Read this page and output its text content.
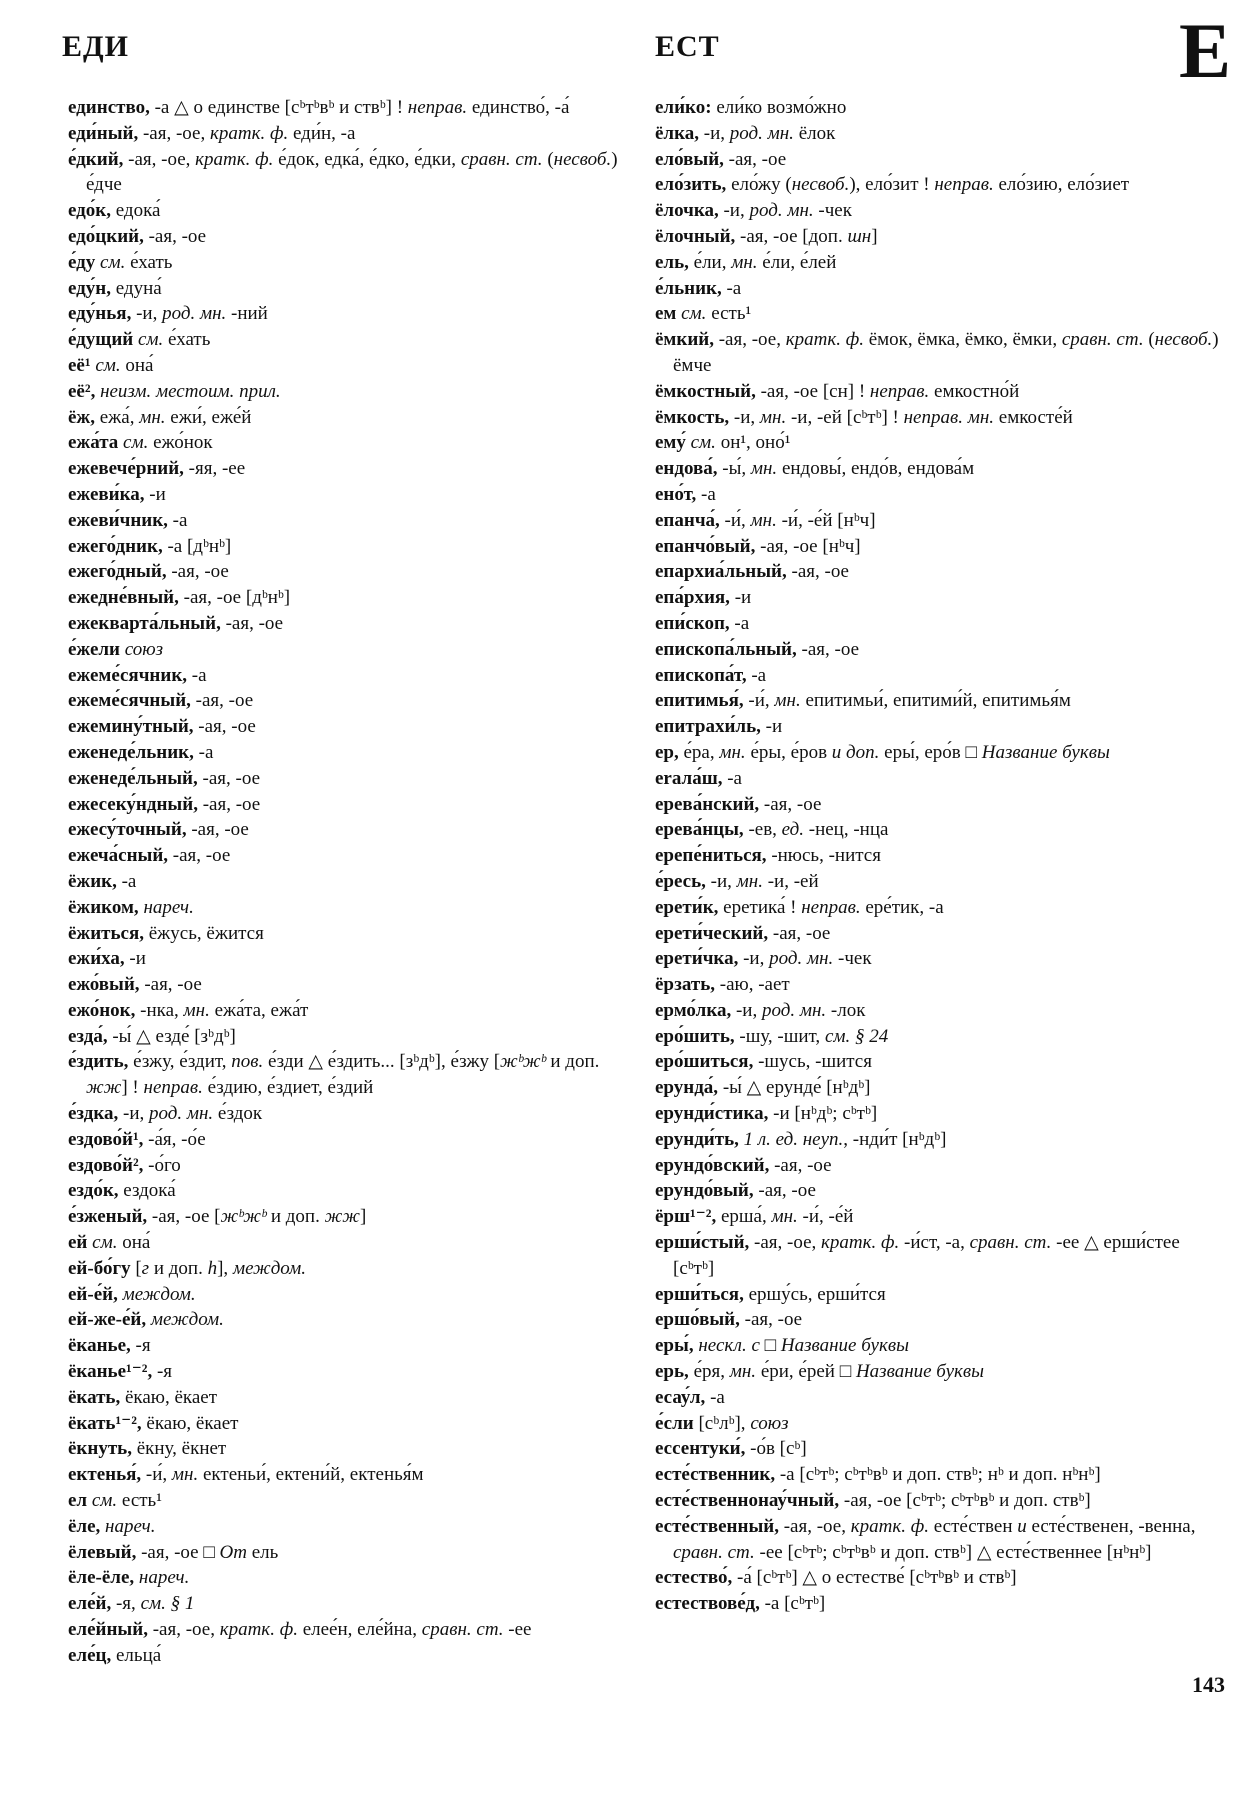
ЕДИ	ЕСТ	Е
единство, -а △ о единстве [сᵇтᵇвᵇ и ствᵇ] ! неправ. единство́, -а́
еди́ный, -ая, -ое, кратк. ф. еди́н, -а
е́дкий, -ая, -ое, кратк. ф. е́док, едка́, е́дко, е́дки, сравн. ст. (несвоб.) е́дче
едо́к, едока́
едо́цкий, -ая, -ое
е́ду см. е́хать
еду́н, едуна́
еду́нья, -и, род. мн. -ний
е́дущий см. е́хать
её¹ см. она́
её², неизм. местоим. прил.
ёж, ежа́, мн. ежи́, еже́й
ежа́та см. ежо́нок
ежевече́рний, -яя, -ее
ежеви́ка, -и
ежеви́чник, -а
ежего́дник, -а [дᵇнᵇ]
ежего́дный, -ая, -ое
ежедне́вный, -ая, -ое [дᵇнᵇ]
ежекварта́льный, -ая, -ое
е́жели союз
ежеме́сячник, -а
ежеме́сячный, -ая, -ое
ежемину́тный, -ая, -ое
еженеде́льник, -а
еженеде́льный, -ая, -ое
ежесеку́ндный, -ая, -ое
ежесу́точный, -ая, -ое
ежеча́сный, -ая, -ое
ёжик, -а
ёжиком, нареч.
ёжиться, ёжусь, ёжится
ежи́ха, -и
ежо́вый, -ая, -ое
ежо́нок, -нка, мн. ежа́та, ежа́т
езда́, -ы́ △ езде́ [зᵇдᵇ]
е́здить, е́зжу, е́здит, пов. е́зди △ е́здить... [зᵇдᵇ], е́зжу [жᵇжᵇ и доп. жж] ! неправ. е́здию, е́здиет, е́здий
е́здка, -и, род. мн. е́здок
ездово́й¹, -а́я, -о́е
ездово́й², -о́го
ездо́к, ездока́
е́зженый, -ая, -ое [жᵇжᵇ и доп. жж]
ей см. она́
ей-бо́гу [г и доп. h], междом.
ей-е́й, междом.
ей-же-е́й, междом.
ёканье, -я
ёканье¹⁻², -я
ёкать, ёкаю, ёкает
ёкать¹⁻², ёкаю, ёкает
ёкнуть, ёкну, ёкнет
ектенья́, -и́, мн. ектеньи́, ектени́й, ектенья́м
ел см. есть¹
ёле, нареч.
ёлевый, -ая, -ое □ От ель
ёле-ёле, нареч.
еле́й, -я, см. § 1
еле́йный, -ая, -ое, кратк. ф. елее́н, еле́йна, сравн. ст. -ее
еле́ц, ельца́
ели́ко: ели́ко возмо́жно
ёлка, -и, род. мн. ёлок
ело́вый, -ая, -ое
ело́зить, ело́жу (несвоб.), ело́зит ! неправ. ело́зию, ело́зиет
ёлочка, -и, род. мн. -чек
ёлочный, -ая, -ое [доп. шн]
ель, е́ли, мн. е́ли, е́лей
е́льник, -а
ем см. есть¹
ёмкий, -ая, -ое, кратк. ф. ёмок, ёмка, ёмко, ёмки, сравн. ст. (несвоб.) ёмче
ёмкостный, -ая, -ое [сн] ! неправ. емкостно́й
ёмкость, -и, мн. -и, -ей [сᵇтᵇ] ! неправ. мн. емкосте́й
ему́ см. он¹, оно́¹
ендова́, -ы́, мн. ендовы́, ендо́в, ендова́м
ено́т, -а
епанча́, -и́, мн. -и́, -е́й [нᵇч]
епанчо́вый, -ая, -ое [нᵇч]
епархиа́льный, -ая, -ое
епа́рхия, -и
епи́скоп, -а
епископа́льный, -ая, -ое
епископа́т, -а
епитимья́, -и́, мн. епитимьи́, епитими́й, епитимья́м
епитрахи́ль, -и
ер, е́ра, мн. е́ры, е́ров и доп. еры́, еро́в □ Название буквы
erала́ш, -а
ерева́нский, -ая, -ое
ерева́нцы, -ев, ед. -нец, -нца
ерепе́ниться, -нюсь, -нится
е́ресь, -и, мн. -и, -ей
ерети́к, еретика́ ! неправ. ере́тик, -а
ерети́ческий, -ая, -ое
ерети́чка, -и, род. мн. -чек
ёрзать, -аю, -ает
ермо́лка, -и, род. мн. -лок
еро́шить, -шу, -шит, см. § 24
еро́шиться, -шусь, -шится
ерунда́, -ы́ △ ерунде́ [нᵇдᵇ]
ерунди́стика, -и [нᵇдᵇ; сᵇтᵇ]
ерунди́ть, 1 л. ед. неуп., -нди́т [нᵇдᵇ]
ерундо́вский, -ая, -ое
ерундо́вый, -ая, -ое
ёрш¹⁻², ерша́, мн. -и́, -е́й
ерши́стый, -ая, -ое, кратк. ф. -и́ст, -а, сравн. ст. -ее △ ерши́стее [сᵇтᵇ]
ерши́ться, ершу́сь, ерши́тся
ершо́вый, -ая, -ое
еры́, нескл. с □ Название буквы
ерь, е́ря, мн. е́ри, е́рей □ Название буквы
есау́л, -а
е́сли [сᵇлᵇ], союз
ессентуки́, -о́в [сᵇ]
есте́ственник, -а [сᵇтᵇ; сᵇтᵇвᵇ и доп. ствᵇ; нᵇ и доп. нᵇнᵇ]
есте́ственнонау́чный, -ая, -ое [сᵇтᵇ; сᵇтᵇвᵇ и доп. ствᵇ]
есте́ственный, -ая, -ое, кратк. ф. есте́ствен и есте́ственен, -венна, сравн. ст. -ее [сᵇтᵇ; сᵇтᵇвᵇ и доп. ствᵇ] △ есте́ственнее [нᵇнᵇ]
естество́, -а́ [сᵇтᵇ] △ о естестве́ [сᵇтᵇвᵇ и ствᵇ]
естествове́д, -а [сᵇтᵇ]
143
